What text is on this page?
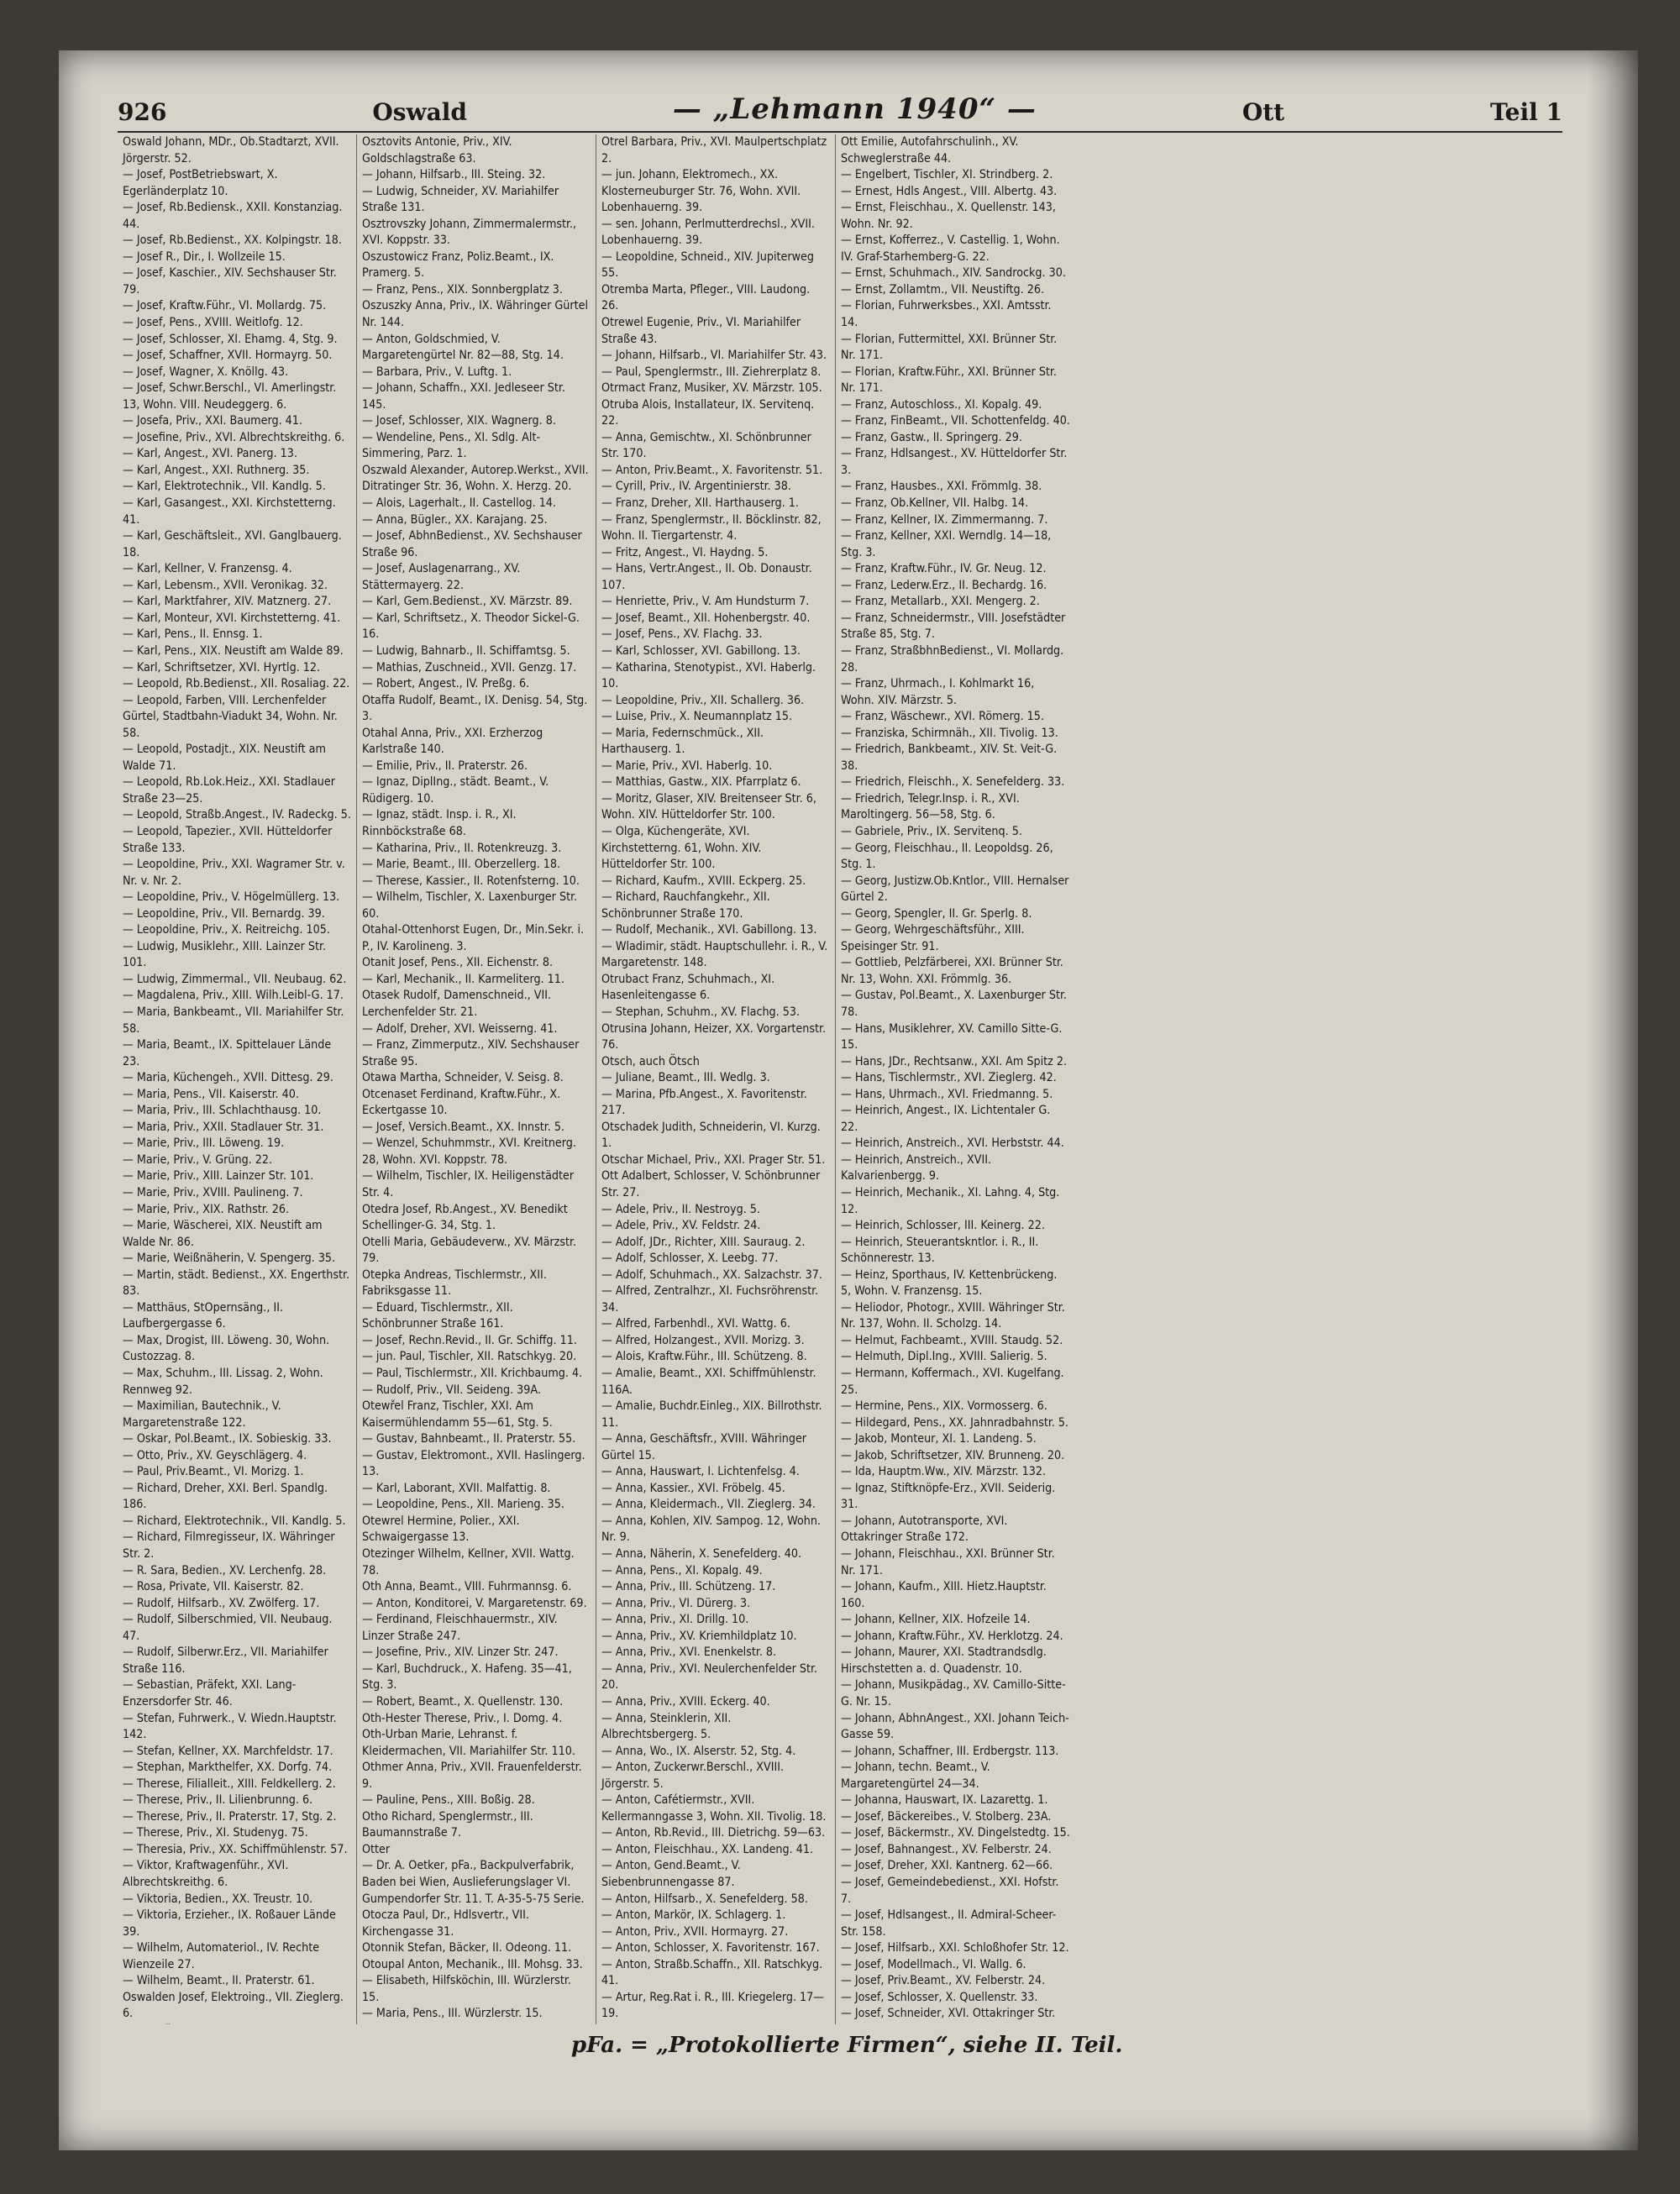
926	Oswald	— „Lehmann 1940“ —	Ott	Teil 1

Oswald Johann, MDr., Ob.Stadtarzt, XVII. Jörgerstr. 52.

— Josef, PostBetriebswart, X. Egerländerplatz 10.

— Josef, Rb.Bediensk., XXII. Konstanziag. 44.

— Josef, Rb.Bedienst., XX. Kolpingstr. 18.

— Josef R., Dir., I. Wollzeile 15.

— Josef, Kaschier., XIV. Sechshauser Str. 79.

— Josef, Kraftw.Führ., VI. Mollardg. 75.

— Josef, Pens., XVIII. Weitlofg. 12.

— Josef, Schlosser, XI. Ehamg. 4, Stg. 9.

— Josef, Schaffner, XVII. Hormayrg. 50.

— Josef, Wagner, X. Knöllg. 43.

— Josef, Schwr.Berschl., VI. Amerlingstr. 13, Wohn. VIII. Neudeggerg. 6.

— Josefa, Priv., XXI. Baumerg. 41.

— Josefine, Priv., XVI. Albrechtskreithg. 6.

— Karl, Angest., XVI. Panerg. 13.

— Karl, Angest., XXI. Ruthnerg. 35.

— Karl, Elektrotechnik., VII. Kandlg. 5.

— Karl, Gasangest., XXI. Kirchstetterng. 41.

— Karl, Geschäftsleit., XVI. Ganglbauerg. 18.

— Karl, Kellner, V. Franzensg. 4.

— Karl, Lebensm., XVII. Veronikag. 32.

— Karl, Marktfahrer, XIV. Matznerg. 27.

— Karl, Monteur, XVI. Kirchstetterng. 41.

— Karl, Pens., II. Ennsg. 1.

— Karl, Pens., XIX. Neustift am Walde 89.

— Karl, Schriftsetzer, XVI. Hyrtlg. 12.

— Leopold, Rb.Bedienst., XII. Rosaliag. 22.

— Leopold, Farben, VIII. Lerchenfelder Gürtel, Stadtbahn-Viadukt 34, Wohn. Nr. 58.

— Leopold, Postadjt., XIX. Neustift am Walde 71.

— Leopold, Rb.Lok.Heiz., XXI. Stadlauer Straße 23—25.

— Leopold, Straßb.Angest., IV. Radeckg. 5.

— Leopold, Tapezier., XVII. Hütteldorfer Straße 133.

— Leopoldine, Priv., XXI. Wagramer Str. v. Nr. v. Nr. 2.

— Leopoldine, Priv., V. Högelmüllerg. 13.

— Leopoldine, Priv., VII. Bernardg. 39.

— Leopoldine, Priv., X. Reitreichg. 105.

— Ludwig, Musiklehr., XIII. Lainzer Str. 101.

— Ludwig, Zimmermal., VII. Neubaug. 62.

— Magdalena, Priv., XIII. Wilh.Leibl-G. 17.

— Maria, Bankbeamt., VII. Mariahilfer Str. 58.

— Maria, Beamt., IX. Spittelauer Lände 23.

— Maria, Küchengeh., XVII. Dittesg. 29.

— Maria, Pens., VII. Kaiserstr. 40.

— Maria, Priv., III. Schlachthausg. 10.

— Maria, Priv., XXII. Stadlauer Str. 31.

— Marie, Priv., III. Löweng. 19.

— Marie, Priv., V. Grüng. 22.

— Marie, Priv., XIII. Lainzer Str. 101.

— Marie, Priv., XVIII. Paulineng. 7.

— Marie, Priv., XIX. Rathstr. 26.

— Marie, Wäscherei, XIX. Neustift am Walde Nr. 86.

— Marie, Weißnäherin, V. Spengerg. 35.

— Martin, städt. Bedienst., XX. Engerthstr. 83.

— Matthäus, StOpernsäng., II. Laufbergergasse 6.

— Max, Drogist, III. Löweng. 30, Wohn. Custozzag. 8.

— Max, Schuhm., III. Lissag. 2, Wohn. Rennweg 92.

— Maximilian, Bautechnik., V. Margaretenstraße 122.

— Oskar, Pol.Beamt., IX. Sobieskig. 33.

— Otto, Priv., XV. Geyschlägerg. 4.

— Paul, Priv.Beamt., VI. Morizg. 1.

— Richard, Dreher, XXI. Berl. Spandlg. 186.

— Richard, Elektrotechnik., VII. Kandlg. 5.

— Richard, Filmregisseur, IX. Währinger Str. 2.

— R. Sara, Bedien., XV. Lerchenfg. 28.

— Rosa, Private, VII. Kaiserstr. 82.

— Rudolf, Hilfsarb., XV. Zwölferg. 17.

— Rudolf, Silberschmied, VII. Neubaug. 47.

— Rudolf, Silberwr.Erz., VII. Mariahilfer Straße 116.

— Sebastian, Präfekt, XXI. Lang-Enzersdorfer Str. 46.

— Stefan, Fuhrwerk., V. Wiedn.Hauptstr. 142.

— Stefan, Kellner, XX. Marchfeldstr. 17.

— Stephan, Markthelfer, XX. Dorfg. 74.

— Therese, Filialleit., XIII. Feldkellerg. 2.

— Therese, Priv., II. Lilienbrunng. 6.

— Therese, Priv., II. Praterstr. 17, Stg. 2.

— Therese, Priv., XI. Studenyg. 75.

— Theresia, Priv., XX. Schiffmühlenstr. 57.

— Viktor, Kraftwagenführ., XVI. Albrechtskreithg. 6.

— Viktoria, Bedien., XX. Treustr. 10.

— Viktoria, Erzieher., IX. Roßauer Lände 39.

— Wilhelm, Automateriol., IV. Rechte Wienzeile 27.

— Wilhelm, Beamt., II. Praterstr. 61.

Oswalden Josef, Elektroing., VII. Zieglerg. 6.

Osztovits Antonie, Priv., XIV. Goldschlagstraße 63.

— Johann, Hilfsarb., III. Steing. 32.

— Ludwig, Schneider, XV. Mariahilfer Straße 131.

Osztrovszky Johann, Zimmermalermstr., XVI. Koppstr. 33.

Oszustowicz Franz, Poliz.Beamt., IX. Pramerg. 5.

— Franz, Pens., XIX. Sonnbergplatz 3.

Oszuszky Anna, Priv., IX. Währinger Gürtel Nr. 144.

— Anton, Goldschmied, V. Margaretengürtel Nr. 82—88, Stg. 14.

— Barbara, Priv., V. Luftg. 1.

— Johann, Schaffn., XXI. Jedleseer Str. 145.

— Josef, Schlosser, XIX. Wagnerg. 8.

— Wendeline, Pens., XI. Sdlg. Alt-Simmering, Parz. 1.

Oszwald Alexander, Autorep.Werkst., XVII. Ditratinger Str. 36, Wohn. X. Herzg. 20.

— Alois, Lagerhalt., II. Castellog. 14.

— Anna, Bügler., XX. Karajang. 25.

— Josef, AbhnBedienst., XV. Sechshauser Straße 96.

— Josef, Auslagenarrang., XV. Stättermayerg. 22.

— Karl, Gem.Bedienst., XV. Märzstr. 89.

— Karl, Schriftsetz., X. Theodor Sickel-G. 16.

— Ludwig, Bahnarb., II. Schiffamtsg. 5.

— Mathias, Zuschneid., XVII. Genzg. 17.

— Robert, Angest., IV. Preßg. 6.

Otaffa Rudolf, Beamt., IX. Denisg. 54, Stg. 3.

Otahal Anna, Priv., XXI. Erzherzog Karlstraße 140.

— Emilie, Priv., II. Praterstr. 26.

— Ignaz, DiplIng., städt. Beamt., V. Rüdigerg. 10.

— Ignaz, städt. Insp. i. R., XI. Rinnböckstraße 68.

— Katharina, Priv., II. Rotenkreuzg. 3.

— Marie, Beamt., III. Oberzellerg. 18.

— Therese, Kassier., II. Rotenfsterng. 10.

— Wilhelm, Tischler, X. Laxenburger Str. 60.

Otahal-Ottenhorst Eugen, Dr., Min.Sekr. i. P., IV. Karolineng. 3.

Otanit Josef, Pens., XII. Eichenstr. 8.

— Karl, Mechanik., II. Karmeliterg. 11.

Otasek Rudolf, Damenschneid., VII. Lerchenfelder Str. 21.

— Adolf, Dreher, XVI. Weisserng. 41.

— Franz, Zimmerputz., XIV. Sechshauser Straße 95.

Otawa Martha, Schneider, V. Seisg. 8.

Otcenaset Ferdinand, Kraftw.Führ., X. Eckertgasse 10.

— Josef, Versich.Beamt., XX. Innstr. 5.

— Wenzel, Schuhmmstr., XVI. Kreitnerg. 28, Wohn. XVI. Koppstr. 78.

— Wilhelm, Tischler, IX. Heiligenstädter Str. 4.

Otedra Josef, Rb.Angest., XV. Benedikt Schellinger-G. 34, Stg. 1.

Otelli Maria, Gebäudeverw., XV. Märzstr. 79.

Otepka Andreas, Tischlermstr., XII. Fabriksgasse 11.

— Eduard, Tischlermstr., XII. Schönbrunner Straße 161.

— Josef, Rechn.Revid., II. Gr. Schiffg. 11.

— jun. Paul, Tischler, XII. Ratschkyg. 20.

— Paul, Tischlermstr., XII. Krichbaumg. 4.

— Rudolf, Priv., VII. Seideng. 39A.

Otewřel Franz, Tischler, XXI. Am Kaisermühlendamm 55—61, Stg. 5.

— Gustav, Bahnbeamt., II. Praterstr. 55.

— Gustav, Elektromont., XVII. Haslingerg. 13.

— Karl, Laborant, XVII. Malfattig. 8.

— Leopoldine, Pens., XII. Marieng. 35.

Otewrel Hermine, Polier., XXI. Schwaigergasse 13.

Otezinger Wilhelm, Kellner, XVII. Wattg. 78.

Oth Anna, Beamt., VIII. Fuhrmannsg. 6.

— Anton, Konditorei, V. Margaretenstr. 69.

— Ferdinand, Fleischhauermstr., XIV. Linzer Straße 247.

— Josefine, Priv., XIV. Linzer Str. 247.

— Karl, Buchdruck., X. Hafeng. 35—41, Stg. 3.

— Robert, Beamt., X. Quellenstr. 130.

Oth-Hester Therese, Priv., I. Domg. 4.

Oth-Urban Marie, Lehranst. f. Kleidermachen, VII. Mariahilfer Str. 110.

Othmer Anna, Priv., XVII. Frauenfelderstr. 9.

— Pauline, Pens., XIII. Boßig. 28.

Otho Richard, Spenglermstr., III. Baumannstraße 7.

Otter

— Dr. A. Oetker, pFa., Backpulverfabrik, Baden bei Wien, Auslieferungslager VI. Gumpendorfer Str. 11. T. A-35-5-75 Serie.

Otocza Paul, Dr., Hdlsvertr., VII. Kirchengasse 31.

Otonnik Stefan, Bäcker, II. Odeong. 11.

Otoupal Anton, Mechanik., III. Mohsg. 33.

— Elisabeth, Hilfsköchin, III. Würzlerstr. 15.

— Maria, Pens., III. Würzlerstr. 15.

Otrel Barbara, Priv., XVI. Maulpertschplatz 2.

— jun. Johann, Elektromech., XX. Klosterneuburger Str. 76, Wohn. XVII. Lobenhauerng. 39.

— sen. Johann, Perlmutterdrechsl., XVII. Lobenhauerng. 39.

— Leopoldine, Schneid., XIV. Jupiterweg 55.

Otremba Marta, Pfleger., VIII. Laudong. 26.

Otrewel Eugenie, Priv., VI. Mariahilfer Straße 43.

— Johann, Hilfsarb., VI. Mariahilfer Str. 43.

— Paul, Spenglermstr., III. Ziehrerplatz 8.

Otrmact Franz, Musiker, XV. Märzstr. 105.

Otruba Alois, Installateur, IX. Servitenq. 22.

— Anna, Gemischtw., XI. Schönbrunner Str. 170.

— Anton, Priv.Beamt., X. Favoritenstr. 51.

— Cyrill, Priv., IV. Argentinierstr. 38.

— Franz, Dreher, XII. Harthauserg. 1.

— Franz, Spenglermstr., II. Böcklinstr. 82, Wohn. II. Tiergartenstr. 4.

— Fritz, Angest., VI. Haydng. 5.

— Hans, Vertr.Angest., II. Ob. Donaustr. 107.

— Henriette, Priv., V. Am Hundsturm 7.

— Josef, Beamt., XII. Hohenbergstr. 40.

— Josef, Pens., XV. Flachg. 33.

— Karl, Schlosser, XVI. Gabillong. 13.

— Katharina, Stenotypist., XVI. Haberlg. 10.

— Leopoldine, Priv., XII. Schallerg. 36.

— Luise, Priv., X. Neumannplatz 15.

— Maria, Federnschmück., XII. Harthauserg. 1.

— Marie, Priv., XVI. Haberlg. 10.

— Matthias, Gastw., XIX. Pfarrplatz 6.

— Moritz, Glaser, XIV. Breitenseer Str. 6, Wohn. XIV. Hütteldorfer Str. 100.

— Olga, Küchengeräte, XVI. Kirchstetterng. 61, Wohn. XIV. Hütteldorfer Str. 100.

— Richard, Kaufm., XVIII. Eckperg. 25.

— Richard, Rauchfangkehr., XII. Schönbrunner Straße 170.

— Rudolf, Mechanik., XVI. Gabillong. 13.

— Wladimir, städt. Hauptschullehr. i. R., V. Margaretenstr. 148.

Otrubact Franz, Schuhmach., XI. Hasenleitengasse 6.

— Stephan, Schuhm., XV. Flachg. 53.

Otrusina Johann, Heizer, XX. Vorgartenstr. 76.

Otsch, auch Ötsch

— Juliane, Beamt., III. Wedlg. 3.

— Marina, Pfb.Angest., X. Favoritenstr. 217.

Otschadek Judith, Schneiderin, VI. Kurzg. 1.

Otschar Michael, Priv., XXI. Prager Str. 51.

Ott Adalbert, Schlosser, V. Schönbrunner Str. 27.

— Adele, Priv., II. Nestroyg. 5.

— Adele, Priv., XV. Feldstr. 24.

— Adolf, JDr., Richter, XIII. Sauraug. 2.

— Adolf, Schlosser, X. Leebg. 77.

— Adolf, Schuhmach., XX. Salzachstr. 37.

— Alfred, Zentralhzr., XI. Fuchsröhrenstr. 34.

— Alfred, Farbenhdl., XVI. Wattg. 6.

— Alfred, Holzangest., XVII. Morizg. 3.

— Alois, Kraftw.Führ., III. Schützeng. 8.

— Amalie, Beamt., XXI. Schiffmühlenstr. 116A.

— Amalie, Buchdr.Einleg., XIX. Billrothstr. 11.

— Anna, Geschäftsfr., XVIII. Währinger Gürtel 15.

— Anna, Hauswart, I. Lichtenfelsg. 4.

— Anna, Kassier., XVI. Fröbelg. 45.

— Anna, Kleidermach., VII. Zieglerg. 34.

— Anna, Kohlen, XIV. Sampog. 12, Wohn. Nr. 9.

— Anna, Näherin, X. Senefelderg. 40.

— Anna, Pens., XI. Kopalg. 49.

— Anna, Priv., III. Schützeng. 17.

— Anna, Priv., VI. Dürerg. 3.

— Anna, Priv., XI. Drillg. 10.

— Anna, Priv., XV. Kriemhildplatz 10.

— Anna, Priv., XVI. Enenkelstr. 8.

— Anna, Priv., XVI. Neulerchenfelder Str. 20.

— Anna, Priv., XVIII. Eckerg. 40.

— Anna, Steinklerin, XII. Albrechtsbergerg. 5.

— Anna, Wo., IX. Alserstr. 52, Stg. 4.

— Anton, Zuckerwr.Berschl., XVIII. Jörgerstr. 5.

— Anton, Cafétiermstr., XVII. Kellermanngasse 3, Wohn. XII. Tivolig. 18.

— Anton, Rb.Revid., III. Dietrichg. 59—63.

— Anton, Fleischhau., XX. Landeng. 41.

— Anton, Gend.Beamt., V. Siebenbrunnengasse 87.

— Anton, Hilfsarb., X. Senefelderg. 58.

— Anton, Markör, IX. Schlagerg. 1.

— Anton, Priv., XVII. Hormayrg. 27.

— Anton, Schlosser, X. Favoritenstr. 167.

— Anton, Straßb.Schaffn., XII. Ratschkyg. 41.

— Artur, Reg.Rat i. R., III. Kriegelerg. 17—19.

Ott Emilie, Autofahrschulinh., XV. Schweglerstraße 44.

— Engelbert, Tischler, XI. Strindberg. 2.

— Ernest, Hdls Angest., VIII. Albertg. 43.

— Ernst, Fleischhau., X. Quellenstr. 143, Wohn. Nr. 92.

— Ernst, Kofferrez., V. Castellig. 1, Wohn. IV. Graf-Starhemberg-G. 22.

— Ernst, Schuhmach., XIV. Sandrockg. 30.

— Ernst, Zollamtm., VII. Neustiftg. 26.

— Florian, Fuhrwerksbes., XXI. Amtsstr. 14.

— Florian, Futtermittel, XXI. Brünner Str. Nr. 171.

— Florian, Kraftw.Führ., XXI. Brünner Str. Nr. 171.

— Franz, Autoschloss., XI. Kopalg. 49.

— Franz, FinBeamt., VII. Schottenfeldg. 40.

— Franz, Gastw., II. Springerg. 29.

— Franz, Hdlsangest., XV. Hütteldorfer Str. 3.

— Franz, Hausbes., XXI. Frömmlg. 38.

— Franz, Ob.Kellner, VII. Halbg. 14.

— Franz, Kellner, IX. Zimmermanng. 7.

— Franz, Kellner, XXI. Werndlg. 14—18, Stg. 3.

— Franz, Kraftw.Führ., IV. Gr. Neug. 12.

— Franz, Lederw.Erz., II. Bechardg. 16.

— Franz, Metallarb., XXI. Mengerg. 2.

— Franz, Schneidermstr., VIII. Josefstädter Straße 85, Stg. 7.

— Franz, StraßbhnBedienst., VI. Mollardg. 28.

— Franz, Uhrmach., I. Kohlmarkt 16, Wohn. XIV. Märzstr. 5.

— Franz, Wäschewr., XVI. Römerg. 15.

— Franziska, Schirmnäh., XII. Tivolig. 13.

— Friedrich, Bankbeamt., XIV. St. Veit-G. 38.

— Friedrich, Fleischh., X. Senefelderg. 33.

— Friedrich, Telegr.Insp. i. R., XVI. Maroltingerg. 56—58, Stg. 6.

— Gabriele, Priv., IX. Servitenq. 5.

— Georg, Fleischhau., II. Leopoldsg. 26, Stg. 1.

— Georg, Justizw.Ob.Kntlor., VIII. Hernalser Gürtel 2.

— Georg, Spengler, II. Gr. Sperlg. 8.

— Georg, Wehrgeschäftsführ., XIII. Speisinger Str. 91.

— Gottlieb, Pelzfärberei, XXI. Brünner Str. Nr. 13, Wohn. XXI. Frömmlg. 36.

— Gustav, Pol.Beamt., X. Laxenburger Str. 78.

— Hans, Musiklehrer, XV. Camillo Sitte-G. 15.

— Hans, JDr., Rechtsanw., XXI. Am Spitz 2.

— Hans, Tischlermstr., XVI. Zieglerg. 42.

— Hans, Uhrmach., XVI. Friedmanng. 5.

— Heinrich, Angest., IX. Lichtentaler G. 22.

— Heinrich, Anstreich., XVI. Herbststr. 44.

— Heinrich, Anstreich., XVII. Kalvarienbergg. 9.

— Heinrich, Mechanik., XI. Lahng. 4, Stg. 12.

— Heinrich, Schlosser, III. Keinerg. 22.

— Heinrich, Steuerantskntlor. i. R., II. Schönnerestr. 13.

— Heinz, Sporthaus, IV. Kettenbrückeng. 5, Wohn. V. Franzensg. 15.

— Heliodor, Photogr., XVIII. Währinger Str. Nr. 137, Wohn. II. Scholzg. 14.

— Helmut, Fachbeamt., XVIII. Staudg. 52.

— Helmuth, Dipl.Ing., XVIII. Salierig. 5.

— Hermann, Koffermach., XVI. Kugelfang. 25.

— Hermine, Pens., XIX. Vormosserg. 6.

— Hildegard, Pens., XX. Jahnradbahnstr. 5.

— Jakob, Monteur, XI. 1. Landeng. 5.

— Jakob, Schriftsetzer, XIV. Brunneng. 20.

— Ida, Hauptm.Ww., XIV. Märzstr. 132.

— Ignaz, Stiftknöpfe-Erz., XVII. Seiderig. 31.

— Johann, Autotransporte, XVI. Ottakringer Straße 172.

— Johann, Fleischhau., XXI. Brünner Str. Nr. 171.

— Johann, Kaufm., XIII. Hietz.Hauptstr. 160.

— Johann, Kellner, XIX. Hofzeile 14.

— Johann, Kraftw.Führ., XV. Herklotzg. 24.

— Johann, Maurer, XXI. Stadtrandsdlg. Hirschstetten a. d. Quadenstr. 10.

— Johann, Musikpädag., XV. Camillo-Sitte-G. Nr. 15.

— Johann, AbhnAngest., XXI. Johann Teich-Gasse 59.

— Johann, Schaffner, III. Erdbergstr. 113.

— Johann, techn. Beamt., V. Margaretengürtel 24—34.

— Johanna, Hauswart, IX. Lazarettg. 1.

— Josef, Bäckereibes., V. Stolberg. 23A.

— Josef, Bäckermstr., XV. Dingelstedtg. 15.

— Josef, Bahnangest., XV. Felberstr. 24.

— Josef, Dreher, XXI. Kantnerg. 62—66.

— Josef, Gemeindebedienst., XXI. Hofstr. 7.

— Josef, Hdlsangest., II. Admiral-Scheer-Str. 158.

— Josef, Hilfsarb., XXI. Schloßhofer Str. 12.

— Josef, Modellmach., VI. Wallg. 6.

— Josef, Priv.Beamt., XV. Felberstr. 24.

— Josef, Schlosser, X. Quellenstr. 33.

— Josef, Schneider, XVI. Ottakringer Str.

pFa. = „Protokollierte Firmen“, siehe II. Teil.
